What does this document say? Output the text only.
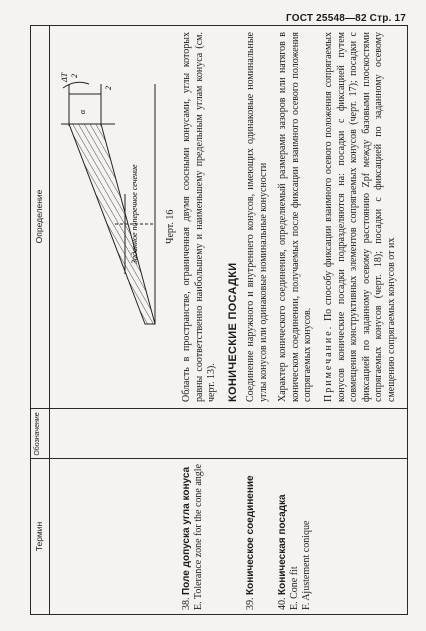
ГОСТ 25548—82 Стр. 17
Термин
Обозначение
Определение	Заданное поперечное сечение
ΔT 2
α
2
Черт. 16
38. Поле допуска угла конуса
E. Tolerance zone for the cone angle
Область в пространстве, ограниченная двумя соосными конусами, углы которых равны соответственно наибольшему и наименьшему предельным углам конуса (см. черт. 13). КОНИЧЕСКИЕ ПОСАДКИ
39. Коническое соединение
Соединение наружного и внутреннего конусов, имеющих одинаковые номинальные углы конусов или одинаковые номинальные конусности
40. Коническая посадка
E. Cone fit
F. Ajustement conique
Характер конического соединения, определяемый размерами зазоров или натягов в коническом соединении, получаемых после фиксации взаимного осевого положения сопрягаемых конусов. Примечание. По способу фиксации взаимного осевого положения сопрягаемых конусов конические посадки подразделяются на: посадки с фиксацией путем совмещения конструктивных элементов сопрягаемых конусов (черт. 17); посадки с фиксацией по заданному осевому расстоянию Zpf между базовыми плоскостями сопрягаемых конусов (черт. 18); посадки с фиксацией по заданному осевому смещению сопрягаемых конусов от их
